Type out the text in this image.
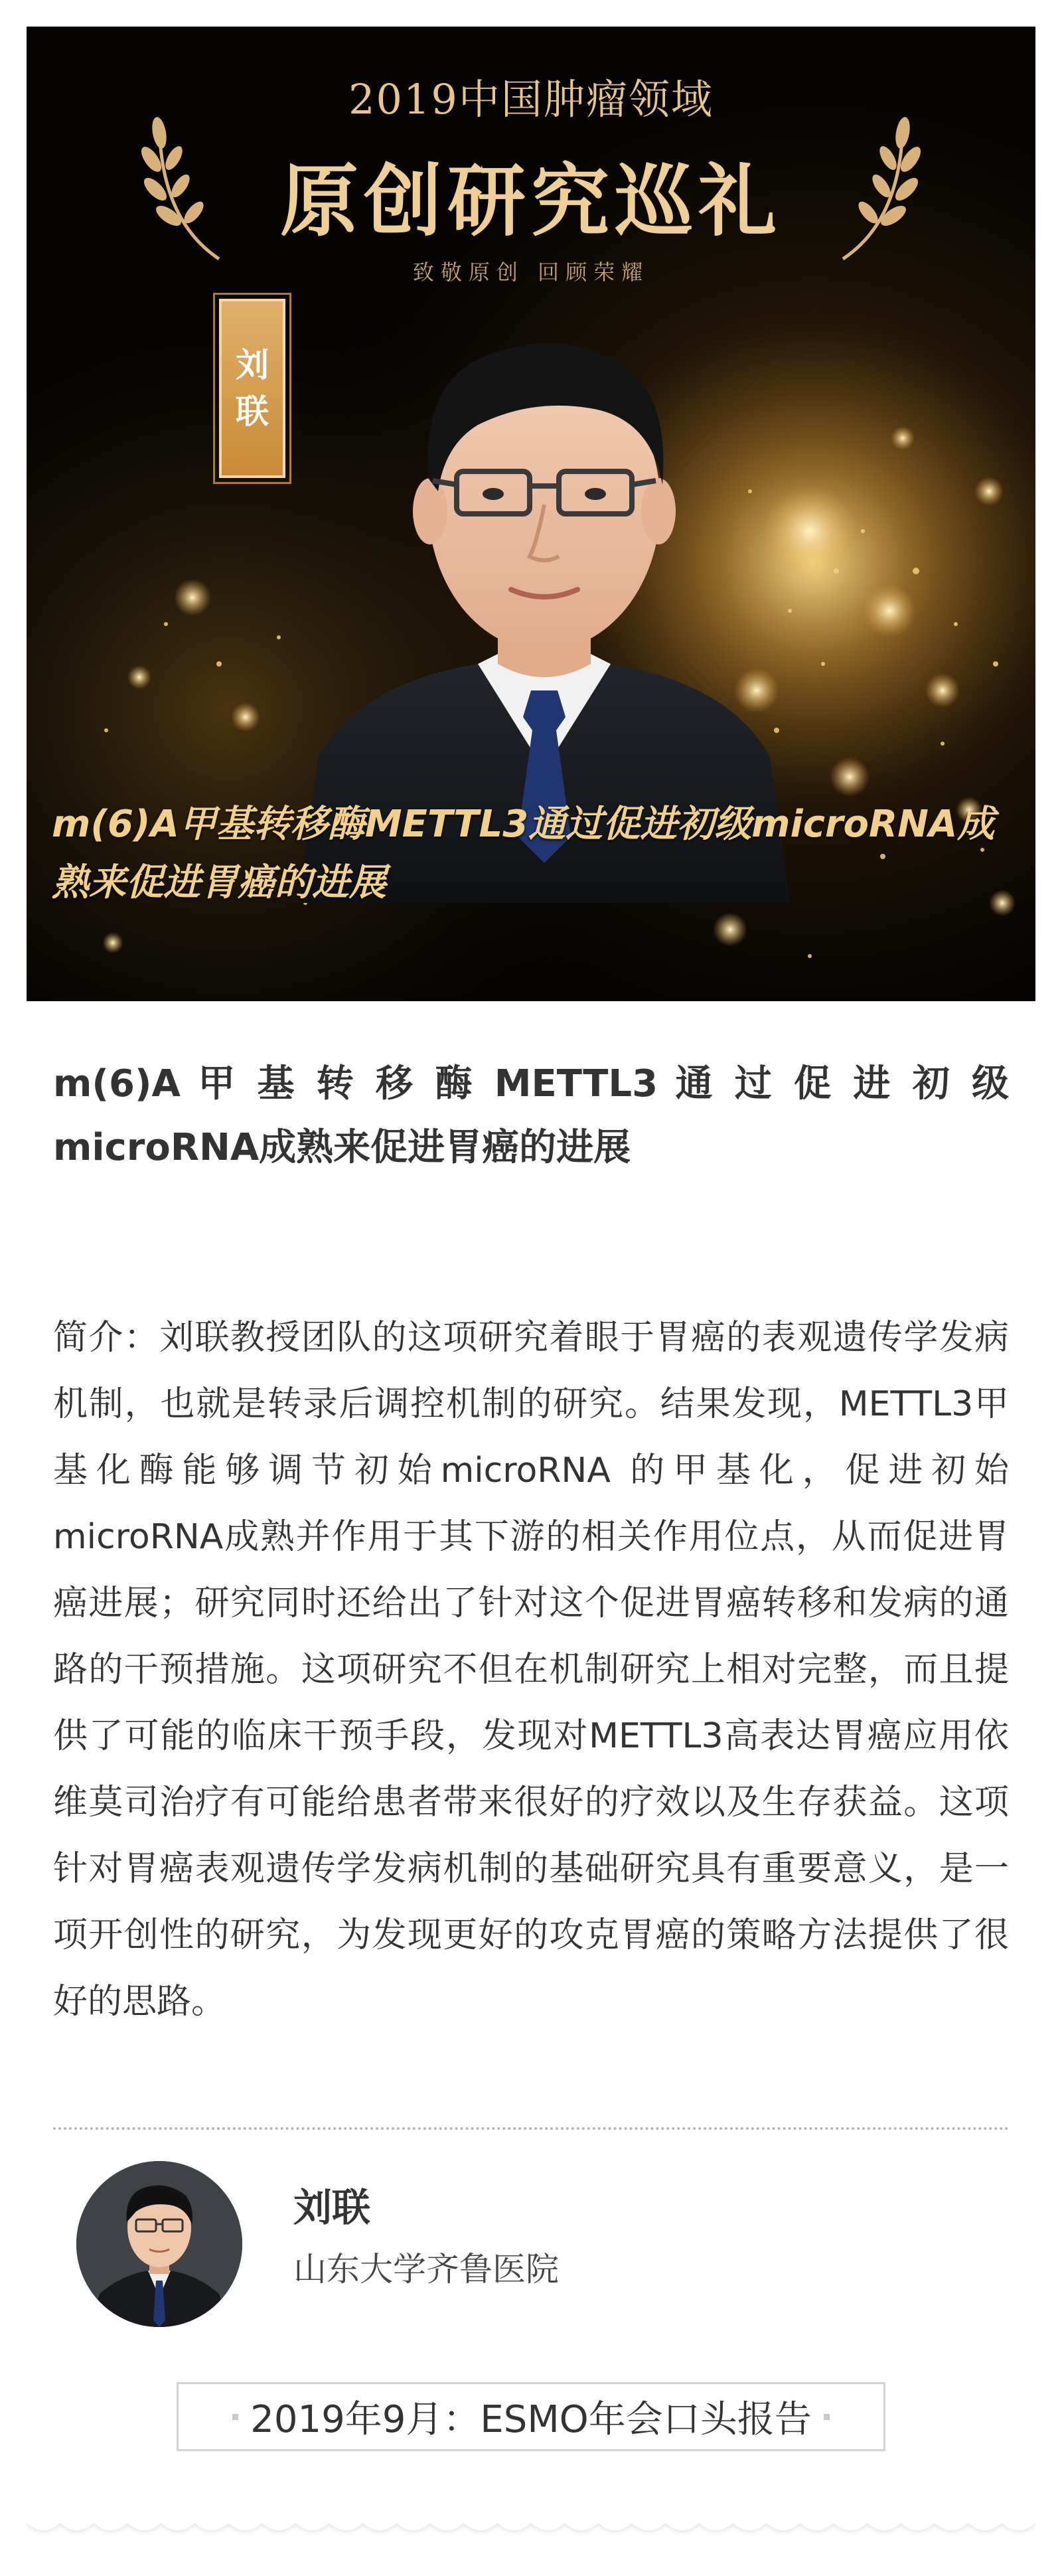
2019中国肿瘤领域
原创研究巡礼
致敬原创 回顾荣耀
刘
联
m(6)A甲基转移酶METTL3通过促进初级microRNA成熟来促进胃癌的进展
m(6)A 甲 基 转 移 酶 METTL3 通 过 促 进 初 级 microRNA成熟来促进胃癌的进展
简介：刘联教授团队的这项研究着眼于胃癌的表观遗传学发病机制，也就是转录后调控机制的研究。结果发现，METTL3甲基化酶能够调节初始microRNA 的甲基化，促进初始microRNA成熟并作用于其下游的相关作用位点，从而促进胃癌进展；研究同时还给出了针对这个促进胃癌转移和发病的通路的干预措施。这项研究不但在机制研究上相对完整，而且提供了可能的临床干预手段，发现对METTL3高表达胃癌应用依维莫司治疗有可能给患者带来很好的疗效以及生存获益。这项针对胃癌表观遗传学发病机制的基础研究具有重要意义，是一项开创性的研究，为发现更好的攻克胃癌的策略方法提供了很好的思路。
刘联
山东大学齐鲁医院
2019年9月：ESMO年会口头报告
